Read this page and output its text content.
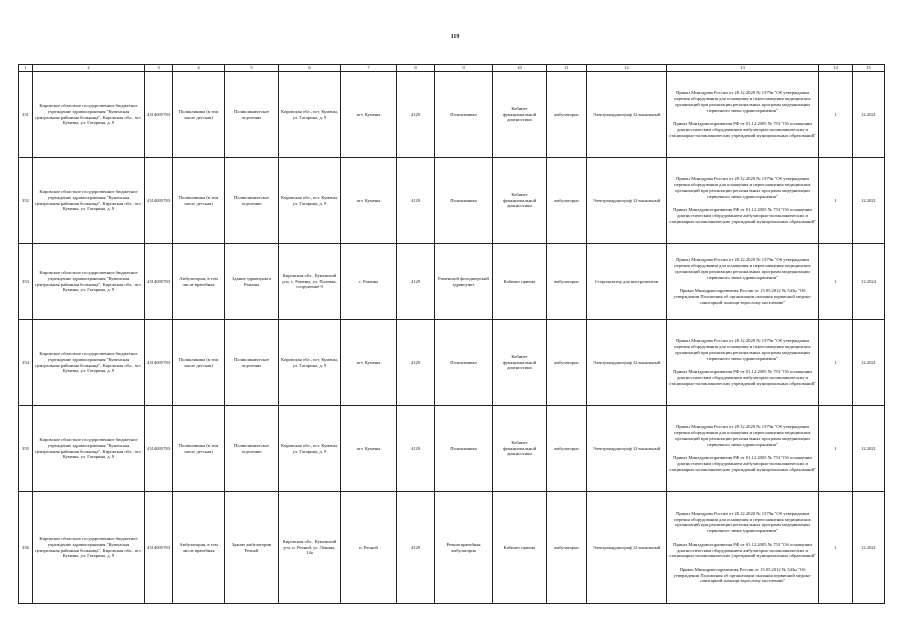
119
1	2	3	4	5	6	7	8	9	10	11	12	13	14	15
351	Кировское областное государственное бюджетное учреждение здравоохранения "Куменская центральная районная больница", Кировская обл., пгт. Кумены, ул. Гагарина, д. 9	4314005783	Поликлиника (в том числе детская)	Поликлиническое отделение	Кировская обл., пгт. Кумены, ул. Гагарина, д. 9	пгт. Кумены	4129	Поликлиника	Кабинет функциональной диагностики	амбулаторно	Электрокардиограф 12-канальный	Приказ Минздрава России от 28.12.2020 № 1379н "Об утверждении перечня оборудования для оснащения и переоснащения медицинских организаций при реализации региональных программ модернизации первичного звена здравоохранения"
Приказ Минздравсоцразвития РФ от 01.12.2005 № 753 "Об оснащении диагностическим оборудованием амбулаторно-поликлинических и стационарно-поликлинических учреждений муниципальных образований"	1	12.2021
352	Кировское областное государственное бюджетное учреждение здравоохранения "Куменская центральная районная больница", Кировская обл., пгт. Кумены, ул. Гагарина, д. 9	4314005783	Поликлиника (в том числе детская)	Поликлиническое отделение	Кировская обл., пгт. Кумены, ул. Гагарина, д. 9	пгт. Кумены	4129	Поликлиника	Кабинет функциональной диагностики	амбулаторно	Электрокардиограф 12-канальный	Приказ Минздрава России от 28.12.2020 № 1379н "Об утверждении перечня оборудования для оснащения и переоснащения медицинских организаций при реализации региональных программ модернизации первичного звена здравоохранения"
Приказ Минздравсоцразвития РФ от 01.12.2005 № 753 "Об оснащении диагностическим оборудованием амбулаторно-поликлинических и стационарно-поликлинических учреждений муниципальных образований"	1	12.2021
353	Кировское областное государственное бюджетное учреждение здравоохранения "Куменская центральная районная больница", Кировская обл., пгт. Кумены, ул. Гагарина, д. 9	4314005783	Амбулатория, в том числе врачебная	Здание здравпункта Рамены	Кировская обл., Куменский р-н, с. Рамены, ул. Полевая, сооружение 9	с. Рамены	4129	Раменской фельдшерский здравпункт	Кабинет приема	амбулаторно	Стерилизатор для инструментов	Приказ Минздрава России от 28.12.2020 № 1379н "Об утверждении перечня оборудования для оснащения и переоснащения медицинских организаций при реализации региональных программ модернизации первичного звена здравоохранения"
Приказ Минздравсоцразвития России от 15.05.2012 № 543н "Об утверждении Положения об организации оказания первичной медико-санитарной помощи взрослому населению"	1	12.2024
354	Кировское областное государственное бюджетное учреждение здравоохранения "Куменская центральная районная больница", Кировская обл., пгт. Кумены, ул. Гагарина, д. 9	4314005783	Поликлиника (в том числе детская)	Поликлиническое отделение	Кировская обл., пгт. Кумены, ул. Гагарина, д. 9	пгт. Кумены	4129	Поликлиника	Кабинет функциональной диагностики	амбулаторно	Электрокардиограф 12-канальный	Приказ Минздрава России от 28.12.2020 № 1379н "Об утверждении перечня оборудования для оснащения и переоснащения медицинских организаций при реализации региональных программ модернизации первичного звена здравоохранения"
Приказ Минздравсоцразвития РФ от 01.12.2005 № 753 "Об оснащении диагностическим оборудованием амбулаторно-поликлинических и стационарно-поликлинических учреждений муниципальных образований"	1	12.2021
355	Кировское областное государственное бюджетное учреждение здравоохранения "Куменская центральная районная больница", Кировская обл., пгт. Кумены, ул. Гагарина, д. 9	4314005783	Поликлиника (в том числе детская)	Поликлиническое отделение	Кировская обл., пгт. Кумены, ул. Гагарина, д. 9	пгт. Кумены	4129	Поликлиника	Кабинет функциональной диагностики	амбулаторно	Электрокардиограф 12-канальный	Приказ Минздрава России от 28.12.2020 № 1379н "Об утверждении перечня оборудования для оснащения и переоснащения медицинских организаций при реализации региональных программ модернизации первичного звена здравоохранения"
Приказ Минздравсоцразвития РФ от 01.12.2005 № 753 "Об оснащении диагностическим оборудованием амбулаторно-поликлинических и стационарно-поликлинических учреждений муниципальных образований"	1	12.2021
356	Кировское областное государственное бюджетное учреждение здравоохранения "Куменская центральная районная больница", Кировская обл., пгт. Кумены, ул. Гагарина, д. 9	4314005783	Амбулатория, в том числе врачебная	Здание амбулатории Речной	Кировская обл., Куменский р-н, п. Речной, ул. Ленина, 14а	п. Речной	4129	Речная врачебная амбулатория	Кабинет приема	амбулаторно	Электрокардиограф 12-канальный	Приказ Минздрава России от 28.12.2020 № 1379н "Об утверждении перечня оборудования для оснащения и переоснащения медицинских организаций при реализации региональных программ модернизации первичного звена здравоохранения"
Приказ Минздравсоцразвития РФ от 01.12.2005 № 753 "Об оснащении диагностическим оборудованием амбулаторно-поликлинических и стационарно-поликлинических учреждений муниципальных образований"
Приказ Минздравсоцразвития России от 15.05.2012 № 543н "Об утверждении Положения об организации оказания первичной медико-санитарной помощи взрослому населению"	1	12.2021
